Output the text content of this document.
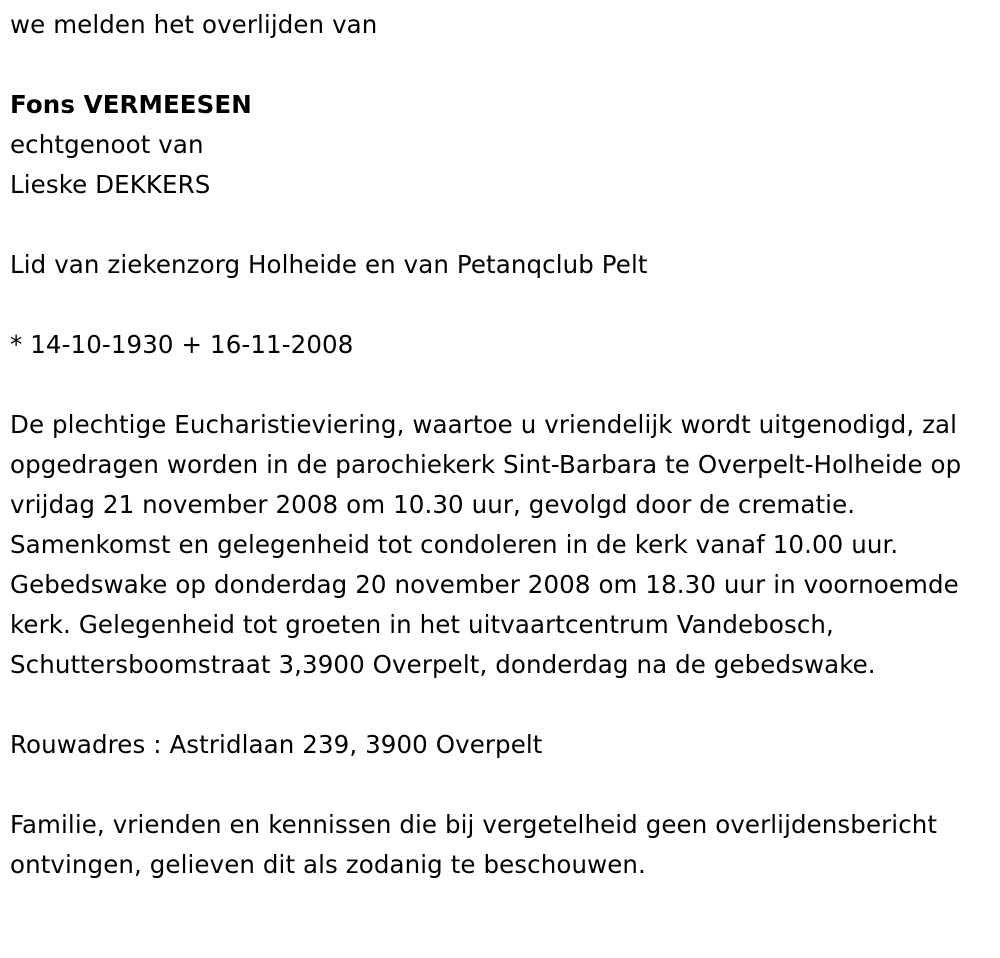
we melden het overlijden van

Fons VERMEESEN

echtgenoot van

Lieske DEKKERS

Lid van ziekenzorg Holheide en van Petanqclub Pelt

* 14-10-1930 + 16-11-2008

De plechtige Eucharistieviering, waartoe u vriendelijk wordt uitgenodigd, zal opgedragen worden in de parochiekerk Sint-Barbara te Overpelt-Holheide op vrijdag 21 november 2008 om 10.30 uur, gevolgd door de crematie. Samenkomst en gelegenheid tot condoleren in de kerk vanaf 10.00 uur. Gebedswake op donderdag 20 november 2008 om 18.30 uur in voornoemde kerk. Gelegenheid tot groeten in het uitvaartcentrum Vandebosch, Schuttersboomstraat 3,3900 Overpelt, donderdag na de gebedswake.

Rouwadres : Astridlaan 239, 3900 Overpelt

Familie, vrienden en kennissen die bij vergetelheid geen overlijdensbericht ontvingen, gelieven dit als zodanig te beschouwen.
